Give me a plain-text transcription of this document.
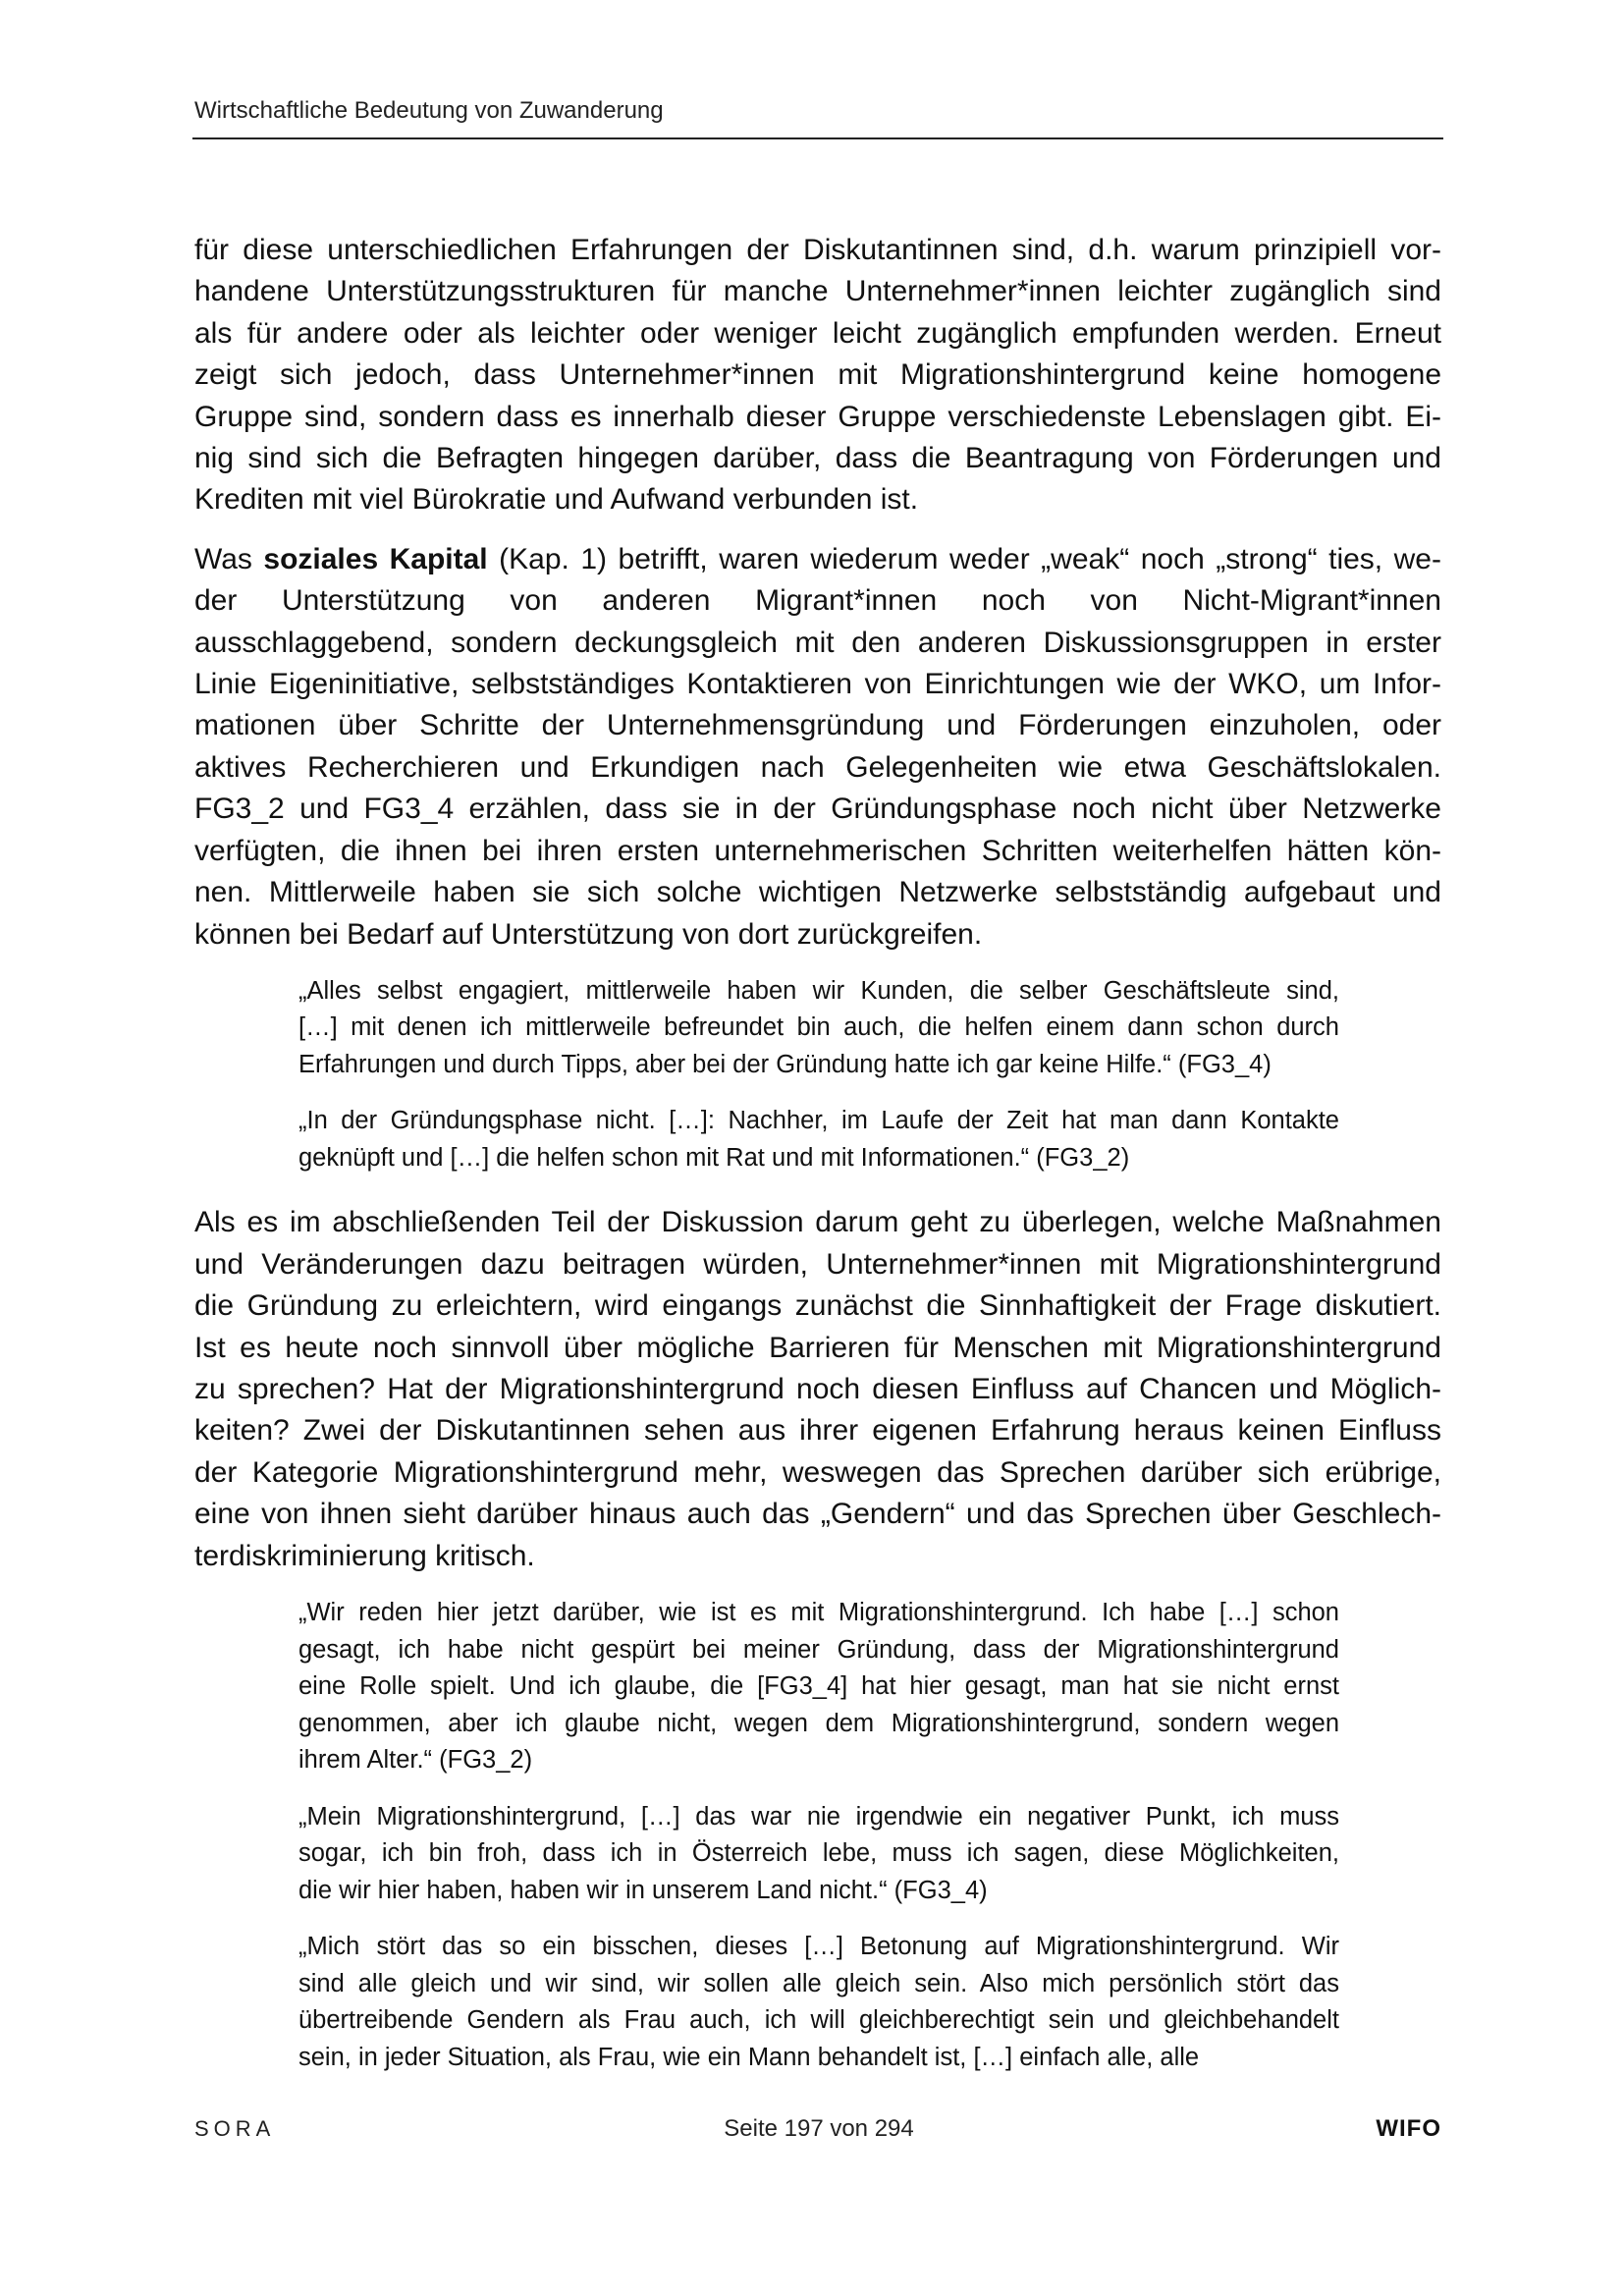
Wirtschaftliche Bedeutung von Zuwanderung
für diese unterschiedlichen Erfahrungen der Diskutantinnen sind, d.h. warum prinzipiell vor-
handene Unterstützungsstrukturen für manche Unternehmer*innen leichter zugänglich sind
als für andere oder als leichter oder weniger leicht zugänglich empfunden werden. Erneut
zeigt sich jedoch, dass Unternehmer*innen mit Migrationshintergrund keine homogene
Gruppe sind, sondern dass es innerhalb dieser Gruppe verschiedenste Lebenslagen gibt. Ei-
nig sind sich die Befragten hingegen darüber, dass die Beantragung von Förderungen und
Krediten mit viel Bürokratie und Aufwand verbunden ist.
Was soziales Kapital (Kap. 1) betrifft, waren wiederum weder „weak“ noch „strong“ ties, we-
der Unterstützung von anderen Migrant*innen noch von Nicht-Migrant*innen
ausschlaggebend, sondern deckungsgleich mit den anderen Diskussionsgruppen in erster
Linie Eigeninitiative, selbstständiges Kontaktieren von Einrichtungen wie der WKO, um Infor-
mationen über Schritte der Unternehmensgründung und Förderungen einzuholen, oder
aktives Recherchieren und Erkundigen nach Gelegenheiten wie etwa Geschäftslokalen.
FG3_2 und FG3_4 erzählen, dass sie in der Gründungsphase noch nicht über Netzwerke
verfügten, die ihnen bei ihren ersten unternehmerischen Schritten weiterhelfen hätten kön-
nen. Mittlerweile haben sie sich solche wichtigen Netzwerke selbstständig aufgebaut und
können bei Bedarf auf Unterstützung von dort zurückgreifen.
„Alles selbst engagiert, mittlerweile haben wir Kunden, die selber Geschäftsleute sind,
[…] mit denen ich mittlerweile befreundet bin auch, die helfen einem dann schon durch
Erfahrungen und durch Tipps, aber bei der Gründung hatte ich gar keine Hilfe.“ (FG3_4)
„In der Gründungsphase nicht. […]: Nachher, im Laufe der Zeit hat man dann Kontakte
geknüpft und […] die helfen schon mit Rat und mit Informationen.“ (FG3_2)
Als es im abschließenden Teil der Diskussion darum geht zu überlegen, welche Maßnahmen
und Veränderungen dazu beitragen würden, Unternehmer*innen mit Migrationshintergrund
die Gründung zu erleichtern, wird eingangs zunächst die Sinnhaftigkeit der Frage diskutiert.
Ist es heute noch sinnvoll über mögliche Barrieren für Menschen mit Migrationshintergrund
zu sprechen? Hat der Migrationshintergrund noch diesen Einfluss auf Chancen und Möglich-
keiten? Zwei der Diskutantinnen sehen aus ihrer eigenen Erfahrung heraus keinen Einfluss
der Kategorie Migrationshintergrund mehr, weswegen das Sprechen darüber sich erübrige,
eine von ihnen sieht darüber hinaus auch das „Gendern“ und das Sprechen über Geschlech-
terdiskriminierung kritisch.
„Wir reden hier jetzt darüber, wie ist es mit Migrationshintergrund. Ich habe […] schon
gesagt, ich habe nicht gespürt bei meiner Gründung, dass der Migrationshintergrund
eine Rolle spielt. Und ich glaube, die [FG3_4] hat hier gesagt, man hat sie nicht ernst
genommen, aber ich glaube nicht, wegen dem Migrationshintergrund, sondern wegen
ihrem Alter.“ (FG3_2)
„Mein Migrationshintergrund, […] das war nie irgendwie ein negativer Punkt, ich muss
sogar, ich bin froh, dass ich in Österreich lebe, muss ich sagen, diese Möglichkeiten,
die wir hier haben, haben wir in unserem Land nicht.“ (FG3_4)
„Mich stört das so ein bisschen, dieses […] Betonung auf Migrationshintergrund. Wir
sind alle gleich und wir sind, wir sollen alle gleich sein. Also mich persönlich stört das
übertreibende Gendern als Frau auch, ich will gleichberechtigt sein und gleichbehandelt
sein, in jeder Situation, als Frau, wie ein Mann behandelt ist, […] einfach alle, alle
SORA	Seite 197 von 294	WIFO
